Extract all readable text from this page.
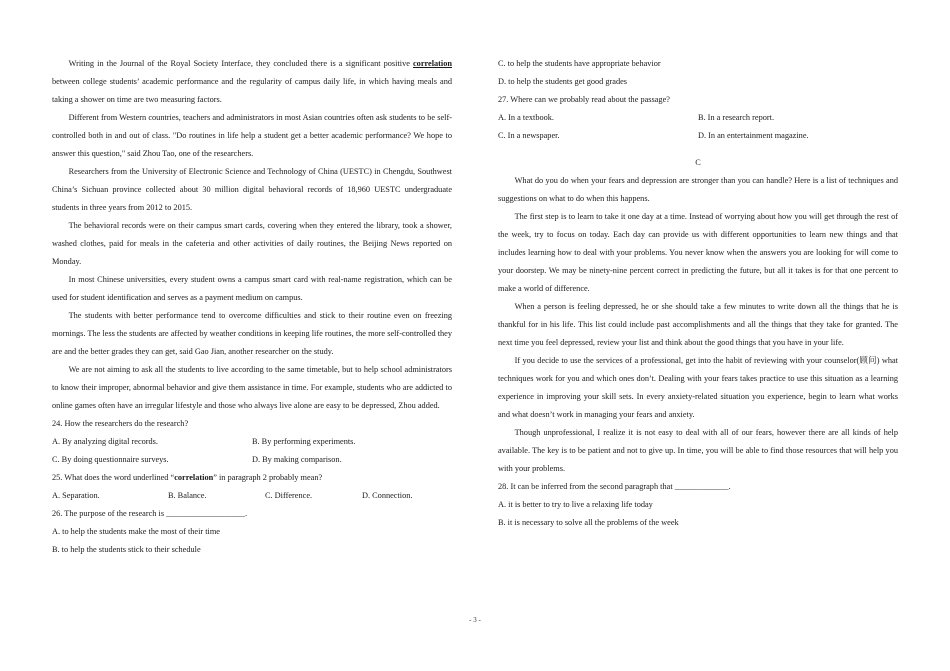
Writing in the Journal of the Royal Society Interface, they concluded there is a significant positive correlation between college students’ academic performance and the regularity of campus daily life, in which having meals and taking a shower on time are two measuring factors.

Different from Western countries, teachers and administrators in most Asian countries often ask students to be self-controlled both in and out of class. "Do routines in life help a student get a better academic performance? We hope to answer this question," said Zhou Tao, one of the researchers.

Researchers from the University of Electronic Science and Technology of China (UESTC) in Chengdu, Southwest China’s Sichuan province collected about 30 million digital behavioral records of 18,960 UESTC undergraduate students in three years from 2012 to 2015.

The behavioral records were on their campus smart cards, covering when they entered the library, took a shower, washed clothes, paid for meals in the cafeteria and other activities of daily routines, the Beijing News reported on Monday.

In most Chinese universities, every student owns a campus smart card with real-name registration, which can be used for student identification and serves as a payment medium on campus.

The students with better performance tend to overcome difficulties and stick to their routine even on freezing mornings. The less the students are affected by weather conditions in keeping life routines, the more self-controlled they are and the better grades they can get, said Gao Jian, another researcher on the study.

We are not aiming to ask all the students to live according to the same timetable, but to help school administrators to know their improper, abnormal behavior and give them assistance in time. For example, students who are addicted to online games often have an irregular lifestyle and those who always live alone are easy to be depressed, Zhou added.

24. How the researchers do the research?

A. By analyzing digital records.	B. By performing experiments.
C. By doing questionnaire surveys.	D. By making comparison.

25. What does the word underlined “correlation” in paragraph 2 probably mean?

A. Separation.	B. Balance.	C. Difference.	D. Connection.

26. The purpose of the research is ___________________.

A. to help the students make the most of their time

B. to help the students stick to their schedule

C. to help the students have appropriate behavior

D. to help the students get good grades

27. Where can we probably read about the passage?

A. In a textbook.	B. In a research report.
C. In a newspaper.	D. In an entertainment magazine.

C

What do you do when your fears and depression are stronger than you can handle? Here is a list of techniques and suggestions on what to do when this happens.

The first step is to learn to take it one day at a time. Instead of worrying about how you will get through the rest of the week, try to focus on today. Each day can provide us with different opportunities to learn new things and that includes learning how to deal with your problems. You never know when the answers you are looking for will come to your doorstep. We may be ninety-nine percent correct in predicting the future, but all it takes is for that one percent to make a world of difference.

When a person is feeling depressed, he or she should take a few minutes to write down all the things that he is thankful for in his life. This list could include past accomplishments and all the things that they take for granted. The next time you feel depressed, review your list and think about the good things that you have in your life.

If you decide to use the services of a professional, get into the habit of reviewing with your counselor(顾问) what techniques work for you and which ones don’t. Dealing with your fears takes practice to use this situation as a learning experience in improving your skill sets. In every anxiety-related situation you experience, begin to learn what works and what doesn’t work in managing your fears and anxiety.

Though unprofessional, I realize it is not easy to deal with all of our fears, however there are all kinds of help available. The key is to be patient and not to give up. In time, you will be able to find those resources that will help you with your problems.

28. It can be inferred from the second paragraph that _____________.

A. it is better to try to live a relaxing life today

B. it is necessary to solve all the problems of the week

- 3 -
